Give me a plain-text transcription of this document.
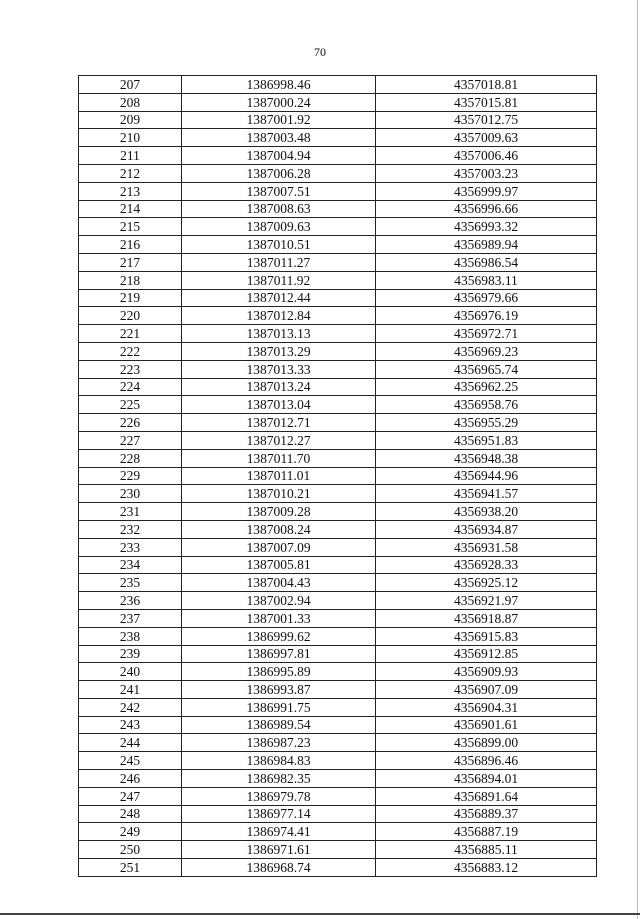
70
207	1386998.46	4357018.81
208	1387000.24	4357015.81
209	1387001.92	4357012.75
210	1387003.48	4357009.63
211	1387004.94	4357006.46
212	1387006.28	4357003.23
213	1387007.51	4356999.97
214	1387008.63	4356996.66
215	1387009.63	4356993.32
216	1387010.51	4356989.94
217	1387011.27	4356986.54
218	1387011.92	4356983.11
219	1387012.44	4356979.66
220	1387012.84	4356976.19
221	1387013.13	4356972.71
222	1387013.29	4356969.23
223	1387013.33	4356965.74
224	1387013.24	4356962.25
225	1387013.04	4356958.76
226	1387012.71	4356955.29
227	1387012.27	4356951.83
228	1387011.70	4356948.38
229	1387011.01	4356944.96
230	1387010.21	4356941.57
231	1387009.28	4356938.20
232	1387008.24	4356934.87
233	1387007.09	4356931.58
234	1387005.81	4356928.33
235	1387004.43	4356925.12
236	1387002.94	4356921.97
237	1387001.33	4356918.87
238	1386999.62	4356915.83
239	1386997.81	4356912.85
240	1386995.89	4356909.93
241	1386993.87	4356907.09
242	1386991.75	4356904.31
243	1386989.54	4356901.61
244	1386987.23	4356899.00
245	1386984.83	4356896.46
246	1386982.35	4356894.01
247	1386979.78	4356891.64
248	1386977.14	4356889.37
249	1386974.41	4356887.19
250	1386971.61	4356885.11
251	1386968.74	4356883.12
